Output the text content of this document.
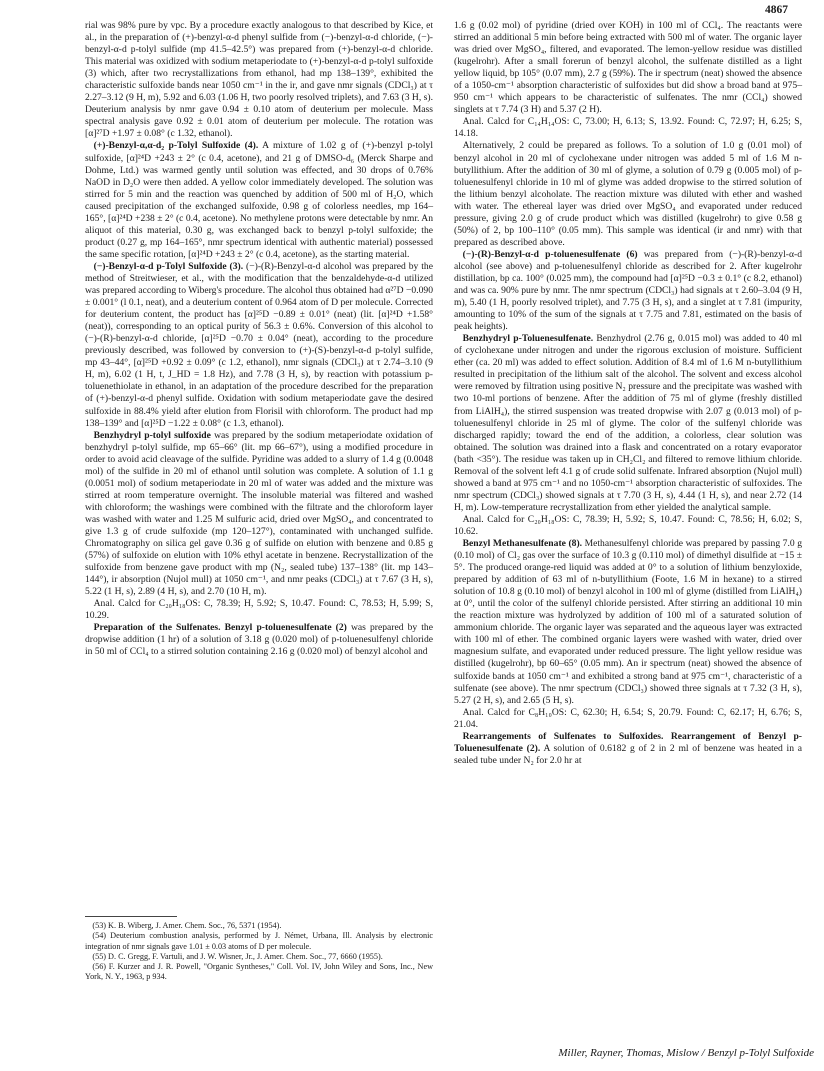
4867

rial was 98% pure by vpc. By a procedure exactly analogous to that described by Kice, et al., in the preparation of (+)-benzyl-α-d phenyl sulfide from (−)-benzyl-α-d chloride, (−)-benzyl-α-d p-tolyl sulfide (mp 41.5–42.5°) was prepared from (+)-benzyl-α-d chloride. This material was oxidized with sodium metaperiodate to (+)-benzyl-α-d p-tolyl sulfoxide (3) which, after two recrystallizations from ethanol, had mp 138–139°, exhibited the characteristic sulfoxide bands near 1050 cm⁻¹ in the ir, and gave nmr signals (CDCl₃) at τ 2.27–3.12 (9 H, m), 5.92 and 6.03 (1.06 H, two poorly resolved triplets), and 7.63 (3 H, s). Deuterium analysis by nmr gave 0.94 ± 0.10 atom of deuterium per molecule. Mass spectral analysis gave 0.92 ± 0.01 atom of deuterium per molecule. The rotation was [α]²⁷D +1.97 ± 0.08° (c 1.32, ethanol).

(+)-Benzyl-α,α-d₂ p-Tolyl Sulfoxide (4). A mixture of 1.02 g of (+)-benzyl p-tolyl sulfoxide, [α]²⁴D +243 ± 2° (c 0.4, acetone), and 21 g of DMSO-d₆ (Merck Sharpe and Dohme, Ltd.) was warmed gently until solution was effected, and 30 drops of 0.76% NaOD in D₂O were then added. A yellow color immediately developed. The solution was stirred for 5 min and the reaction was quenched by addition of 500 ml of H₂O, which caused precipitation of the exchanged sulfoxide, 0.98 g of colorless needles, mp 164–165°, [α]²⁴D +238 ± 2° (c 0.4, acetone). No methylene protons were detectable by nmr. An aliquot of this material, 0.30 g, was exchanged back to benzyl p-tolyl sulfoxide; the product (0.27 g, mp 164–165°, nmr spectrum identical with authentic material) possessed the same specific rotation, [α]²⁴D +243 ± 2° (c 0.4, acetone), as the starting material.

(−)-Benzyl-α-d p-Tolyl Sulfoxide (3). (−)-(R)-Benzyl-α-d alcohol was prepared by the method of Streitwieser, et al., with the modification that the benzaldehyde-α-d utilized was prepared according to Wiberg's procedure. The alcohol thus obtained had α²⁷D −0.090 ± 0.001° (l 0.1, neat), and a deuterium content of 0.964 atom of D per molecule. Corrected for deuterium content, the product has [α]²⁵D −0.89 ± 0.01° (neat) (lit. [α]²⁴D +1.58° (neat)), corresponding to an optical purity of 56.3 ± 0.6%. Conversion of this alcohol to (−)-(R)-benzyl-α-d chloride, [α]²⁵D −0.70 ± 0.04° (neat), according to the procedure previously described, was followed by conversion to (+)-(S)-benzyl-α-d p-tolyl sulfide, mp 43–44°, [α]²⁵D +0.92 ± 0.09° (c 1.2, ethanol), nmr signals (CDCl₃) at τ 2.74–3.10 (9 H, m), 6.02 (1 H, t, J_HD = 1.8 Hz), and 7.78 (3 H, s), by reaction with potassium p-toluenethiolate in ethanol, in an adaptation of the procedure described for the preparation of (+)-benzyl-α-d phenyl sulfide. Oxidation with sodium metaperiodate gave the desired sulfoxide in 88.4% yield after elution from Florisil with chloroform. The product had mp 138–139° and [α]²⁵D −1.22 ± 0.08° (c 1.3, ethanol).

Benzhydryl p-tolyl sulfoxide was prepared by the sodium metaperiodate oxidation of benzhydryl p-tolyl sulfide, mp 65–66° (lit. mp 66–67°), using a modified procedure in order to avoid acid cleavage of the sulfide. Pyridine was added to a slurry of 1.4 g (0.0048 mol) of the sulfide in 20 ml of ethanol until solution was complete. A solution of 1.1 g (0.0051 mol) of sodium metaperiodate in 20 ml of water was added and the mixture was stirred at room temperature overnight. The insoluble material was filtered and washed with chloroform; the washings were combined with the filtrate and the chloroform layer was washed with water and 1.25 M sulfuric acid, dried over MgSO₄, and concentrated to give 1.3 g of crude sulfoxide (mp 120–127°), contaminated with unchanged sulfide. Chromatography on silica gel gave 0.36 g of sulfide on elution with benzene and 0.85 g (57%) of sulfoxide on elution with 10% ethyl acetate in benzene. Recrystallization of the sulfoxide from benzene gave product with mp (N₂, sealed tube) 137–138° (lit. mp 143–144°), ir absorption (Nujol mull) at 1050 cm⁻¹, and nmr peaks (CDCl₃) at τ 7.67 (3 H, s), 5.22 (1 H, s), 2.89 (4 H, s), and 2.70 (10 H, m).

Anal. Calcd for C₂₀H₁₈OS: C, 78.39; H, 5.92; S, 10.47. Found: C, 78.53; H, 5.99; S, 10.29.

Preparation of the Sulfenates. Benzyl p-toluenesulfenate (2) was prepared by the dropwise addition (1 hr) of a solution of 3.18 g (0.020 mol) of p-toluenesulfenyl chloride in 50 ml of CCl₄ to a stirred solution containing 2.16 g (0.020 mol) of benzyl alcohol and

1.6 g (0.02 mol) of pyridine (dried over KOH) in 100 ml of CCl₄. The reactants were stirred an additional 5 min before being extracted with 500 ml of water. The organic layer was dried over MgSO₄, filtered, and evaporated. The lemon-yellow residue was distilled (kugelrohr). After a small forerun of benzyl alcohol, the sulfenate distilled as a light yellow liquid, bp 105° (0.07 mm), 2.7 g (59%). The ir spectrum (neat) showed the absence of a 1050-cm⁻¹ absorption characteristic of sulfoxides but did show a broad band at 975–950 cm⁻¹ which appears to be characteristic of sulfenates. The nmr (CCl₄) showed singlets at τ 7.74 (3 H) and 5.37 (2 H).

Anal. Calcd for C₁₄H₁₄OS: C, 73.00; H, 6.13; S, 13.92. Found: C, 72.97; H, 6.25; S, 14.18.

Alternatively, 2 could be prepared as follows. To a solution of 1.0 g (0.01 mol) of benzyl alcohol in 20 ml of cyclohexane under nitrogen was added 5 ml of 1.6 M n-butyllithium. After the addition of 30 ml of glyme, a solution of 0.79 g (0.005 mol) of p-toluenesulfenyl chloride in 10 ml of glyme was added dropwise to the stirred solution of the lithium benzyl alcoholate. The reaction mixture was diluted with ether and washed with water. The ethereal layer was dried over MgSO₄ and evaporated under reduced pressure, giving 2.0 g of crude product which was distilled (kugelrohr) to give 0.58 g (50%) of 2, bp 100–110° (0.05 mm). This sample was identical (ir and nmr) with that prepared as described above.

(−)-(R)-Benzyl-α-d p-toluenesulfenate (6) was prepared from (−)-(R)-benzyl-α-d alcohol (see above) and p-toluenesulfenyl chloride as described for 2. After kugelrohr distillation, bp ca. 100° (0.025 mm), the compound had [α]²⁵D −0.3 ± 0.1° (c 8.2, ethanol) and was ca. 90% pure by nmr. The nmr spectrum (CDCl₃) had signals at τ 2.60–3.04 (9 H, m), 5.40 (1 H, poorly resolved triplet), and 7.75 (3 H, s), and a singlet at τ 7.81 (impurity, amounting to 10% of the sum of the signals at τ 7.75 and 7.81, estimated on the basis of peak heights).

Benzhydryl p-Toluenesulfenate. Benzhydrol (2.76 g, 0.015 mol) was added to 40 ml of cyclohexane under nitrogen and under the rigorous exclusion of moisture. Sufficient ether (ca. 20 ml) was added to effect solution. Addition of 8.4 ml of 1.6 M n-butyllithium resulted in precipitation of the lithium salt of the alcohol. The solvent and excess alcohol were removed by filtration using positive N₂ pressure and the precipitate was washed with two 10-ml portions of benzene. After the addition of 75 ml of glyme (freshly distilled from LiAlH₄), the stirred suspension was treated dropwise with 2.07 g (0.013 mol) of p-toluenesulfenyl chloride in 25 ml of glyme. The color of the sulfenyl chloride was discharged rapidly; toward the end of the addition, a colorless, clear solution was obtained. The solution was drained into a flask and concentrated on a rotary evaporator (bath <35°). The residue was taken up in CH₂Cl₂ and filtered to remove lithium chloride. Removal of the solvent left 4.1 g of crude solid sulfenate. Infrared absorption (Nujol mull) showed a band at 975 cm⁻¹ and no 1050-cm⁻¹ absorption characteristic of sulfoxides. The nmr spectrum (CDCl₃) showed signals at τ 7.70 (3 H, s), 4.44 (1 H, s), and near 2.72 (14 H, m). Low-temperature recrystallization from ether yielded the analytical sample.

Anal. Calcd for C₂₀H₁₈OS: C, 78.39; H, 5.92; S, 10.47. Found: C, 78.56; H, 6.02; S, 10.62.

Benzyl Methanesulfenate (8). Methanesulfenyl chloride was prepared by passing 7.0 g (0.10 mol) of Cl₂ gas over the surface of 10.3 g (0.110 mol) of dimethyl disulfide at −15 ± 5°. The produced orange-red liquid was added at 0° to a solution of lithium benzyloxide, prepared by addition of 63 ml of n-butyllithium (Foote, 1.6 M in hexane) to a stirred solution of 10.8 g (0.10 mol) of benzyl alcohol in 100 ml of glyme (distilled from LiAlH₄) at 0°, until the color of the sulfenyl chloride persisted. After stirring an additional 10 min the reaction mixture was hydrolyzed by addition of 100 ml of a saturated solution of ammonium chloride. The organic layer was separated and the aqueous layer was extracted with 100 ml of ether. The combined organic layers were washed with water, dried over magnesium sulfate, and evaporated under reduced pressure. The light yellow residue was distilled (kugelrohr), bp 60–65° (0.05 mm). An ir spectrum (neat) showed the absence of sulfoxide bands at 1050 cm⁻¹ and exhibited a strong band at 975 cm⁻¹, characteristic of a sulfenate (see above). The nmr spectrum (CDCl₃) showed three signals at τ 7.32 (3 H, s), 5.27 (2 H, s), and 2.65 (5 H, s).

Anal. Calcd for C₈H₁₀OS: C, 62.30; H, 6.54; S, 20.79. Found: C, 62.17; H, 6.76; S, 21.04.

Rearrangements of Sulfenates to Sulfoxides. Rearrangement of Benzyl p-Toluenesulfenate (2). A solution of 0.6182 g of 2 in 2 ml of benzene was heated in a sealed tube under N₂ for 2.0 hr at

(53) K. B. Wiberg, J. Amer. Chem. Soc., 76, 5371 (1954).

(54) Deuterium combustion analysis, performed by J. Német, Urbana, Ill. Analysis by electronic integration of nmr signals gave 1.01 ± 0.03 atoms of D per molecule.

(55) D. C. Gregg, F. Vartuli, and J. W. Wisner, Jr., J. Amer. Chem. Soc., 77, 6660 (1955).

(56) F. Kurzer and J. R. Powell, "Organic Syntheses," Coll. Vol. IV, John Wiley and Sons, Inc., New York, N. Y., 1963, p 934.

Miller, Rayner, Thomas, Mislow / Benzyl p-Tolyl Sulfoxide
